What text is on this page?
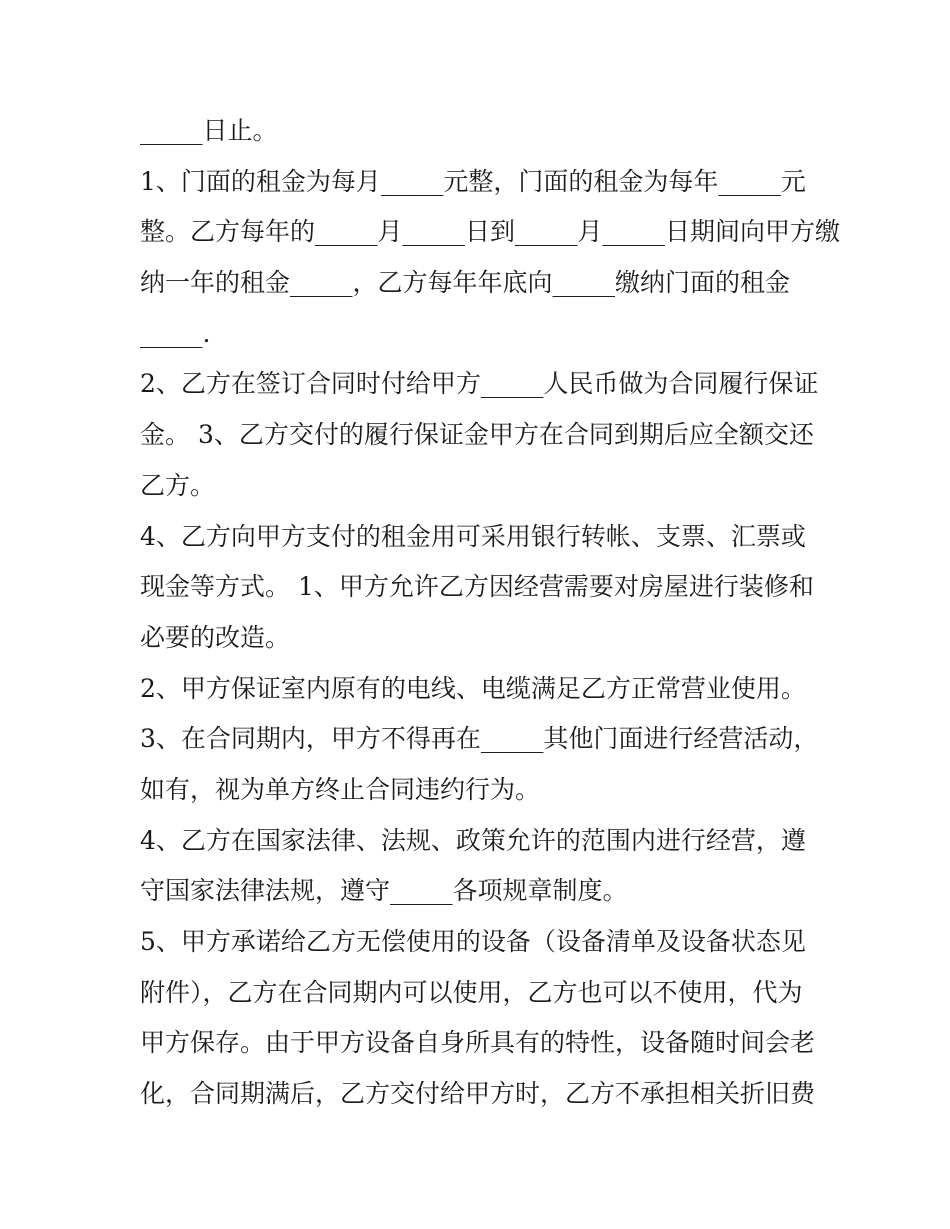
_____日止。
1、门面的租金为每月_____元整，门面的租金为每年_____元
整。乙方每年的_____月_____日到_____月_____日期间向甲方缴
纳一年的租金_____，乙方每年年底向_____缴纳门面的租金
_____.
2、乙方在签订合同时付给甲方_____人民币做为合同履行保证
金。 3、乙方交付的履行保证金甲方在合同到期后应全额交还
乙方。
4、乙方向甲方支付的租金用可采用银行转帐、支票、汇票或
现金等方式。 1、甲方允许乙方因经营需要对房屋进行装修和
必要的改造。
2、甲方保证室内原有的电线、电缆满足乙方正常营业使用。
3、在合同期内，甲方不得再在_____其他门面进行经营活动，
如有，视为单方终止合同违约行为。
4、乙方在国家法律、法规、政策允许的范围内进行经营，遵
守国家法律法规，遵守_____各项规章制度。
5、甲方承诺给乙方无偿使用的设备（设备清单及设备状态见
附件），乙方在合同期内可以使用，乙方也可以不使用，代为
甲方保存。由于甲方设备自身所具有的特性，设备随时间会老
化，合同期满后，乙方交付给甲方时，乙方不承担相关折旧费
